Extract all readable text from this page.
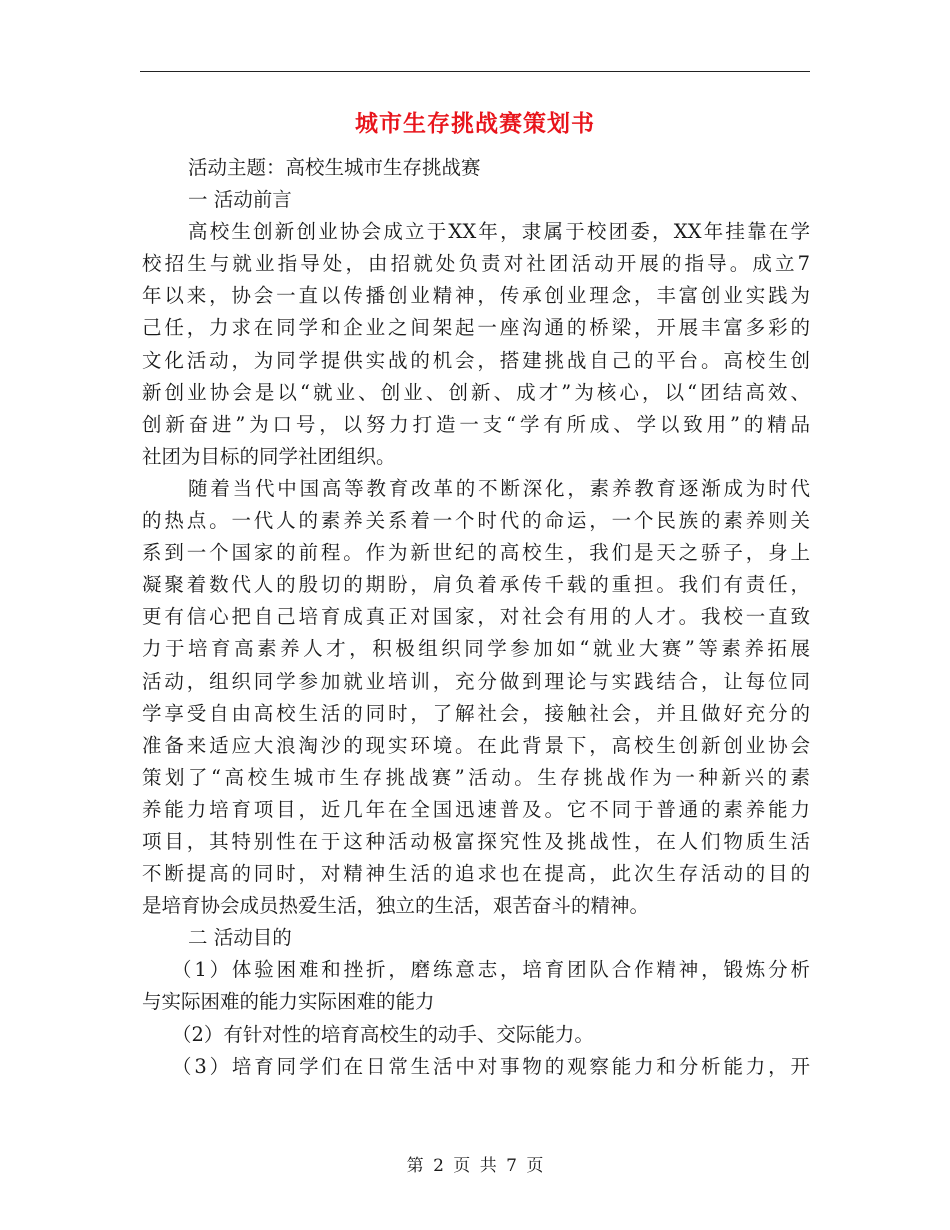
城市生存挑战赛策划书
活动主题：高校生城市生存挑战赛
一 活动前言
高校生创新创业协会成立于XX年，隶属于校团委，XX年挂靠在学
校招生与就业指导处，由招就处负责对社团活动开展的指导。成立7
年以来，协会一直以传播创业精神，传承创业理念，丰富创业实践为
己任，力求在同学和企业之间架起一座沟通的桥梁，开展丰富多彩的
文化活动，为同学提供实战的机会，搭建挑战自己的平台。高校生创
新创业协会是以“就业、创业、创新、成才”为核心，以“团结高效、
创新奋进”为口号，以努力打造一支“学有所成、学以致用”的精品
社团为目标的同学社团组织。
随着当代中国高等教育改革的不断深化，素养教育逐渐成为时代
的热点。一代人的素养关系着一个时代的命运，一个民族的素养则关
系到一个国家的前程。作为新世纪的高校生，我们是天之骄子，身上
凝聚着数代人的殷切的期盼，肩负着承传千载的重担。我们有责任，
更有信心把自己培育成真正对国家，对社会有用的人才。我校一直致
力于培育高素养人才，积极组织同学参加如“就业大赛”等素养拓展
活动，组织同学参加就业培训，充分做到理论与实践结合，让每位同
学享受自由高校生活的同时，了解社会，接触社会，并且做好充分的
准备来适应大浪淘沙的现实环境。在此背景下，高校生创新创业协会
策划了“高校生城市生存挑战赛”活动。生存挑战作为一种新兴的素
养能力培育项目，近几年在全国迅速普及。它不同于普通的素养能力
项目，其特别性在于这种活动极富探究性及挑战性，在人们物质生活
不断提高的同时，对精神生活的追求也在提高，此次生存活动的目的
是培育协会成员热爱生活，独立的生活，艰苦奋斗的精神。
二 活动目的
（1）体验困难和挫折，磨练意志，培育团队合作精神，锻炼分析
与实际困难的能力实际困难的能力
（2）有针对性的培育高校生的动手、交际能力。
（3）培育同学们在日常生活中对事物的观察能力和分析能力，开
第 2 页 共 7 页
